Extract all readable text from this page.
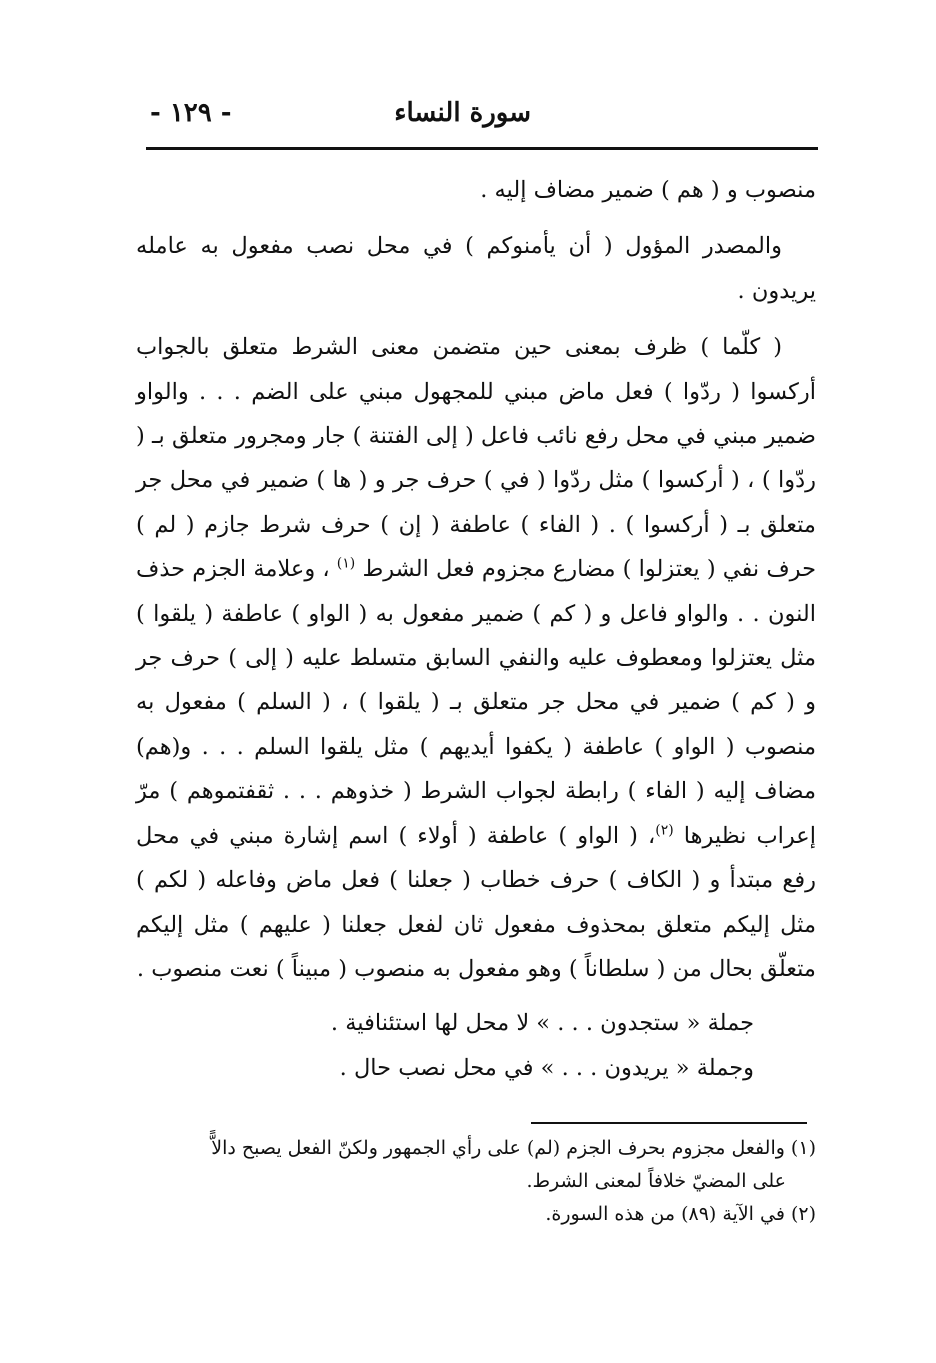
سورة النساء
- ١٢٩ -

منصوب و ( هم ) ضمير مضاف إليه .

والمصدر المؤول ( أن يأمنوكم ) في محل نصب مفعول به عامله يريدون .

( كلّما ) ظرف بمعنى حين متضمن معنى الشرط متعلق بالجواب أركسوا ( ردّوا ) فعل ماض مبني للمجهول مبني على الضم . . . والواو ضمير مبني في محل رفع نائب فاعل ( إلى الفتنة ) جار ومجرور متعلق بـ ( ردّوا ) ، ( أركسوا ) مثل ردّوا ( في ) حرف جر و ( ها ) ضمير في محل جر متعلق بـ ( أركسوا ) . ( الفاء ) عاطفة ( إن ) حرف شرط جازم ( لم ) حرف نفي ( يعتزلوا ) مضارع مجزوم فعل الشرط $^{(١)}$ ، وعلامة الجزم حذف النون . . والواو فاعل و ( كم ) ضمير مفعول به ( الواو ) عاطفة ( يلقوا ) مثل يعتزلوا ومعطوف عليه والنفي السابق متسلط عليه ( إلى ) حرف جر و ( كم ) ضمير في محل جر متعلق بـ ( يلقوا ) ، ( السلم ) مفعول به منصوب ( الواو ) عاطفة ( يكفوا أيديهم ) مثل يلقوا السلم . . . و(هم) مضاف إليه ( الفاء ) رابطة لجواب الشرط ( خذوهم . . . ثقفتموهم ) مرّ إعراب نظيرها $^{(٢)}$، ( الواو ) عاطفة ( أولاء ) اسم إشارة مبني في محل رفع مبتدأ و ( الكاف ) حرف خطاب ( جعلنا ) فعل ماض وفاعله ( لكم ) مثل إليكم متعلق بمحذوف مفعول ثان لفعل جعلنا ( عليهم ) مثل إليكم متعلّق بحال من ( سلطاناً ) وهو مفعول به منصوب ( مبيناً ) نعت منصوب .

جملة « ستجدون . . . » لا محل لها استئنافية .

وجملة « يريدون . . . » في محل نصب حال .

(١) والفعل مجزوم بحرف الجزم (لم) على رأي الجمهور ولكنّ الفعل يصبح دالاًّ

على المضيّ خلافاً لمعنى الشرط.

(٢) في الآية (٨٩) من هذه السورة.
